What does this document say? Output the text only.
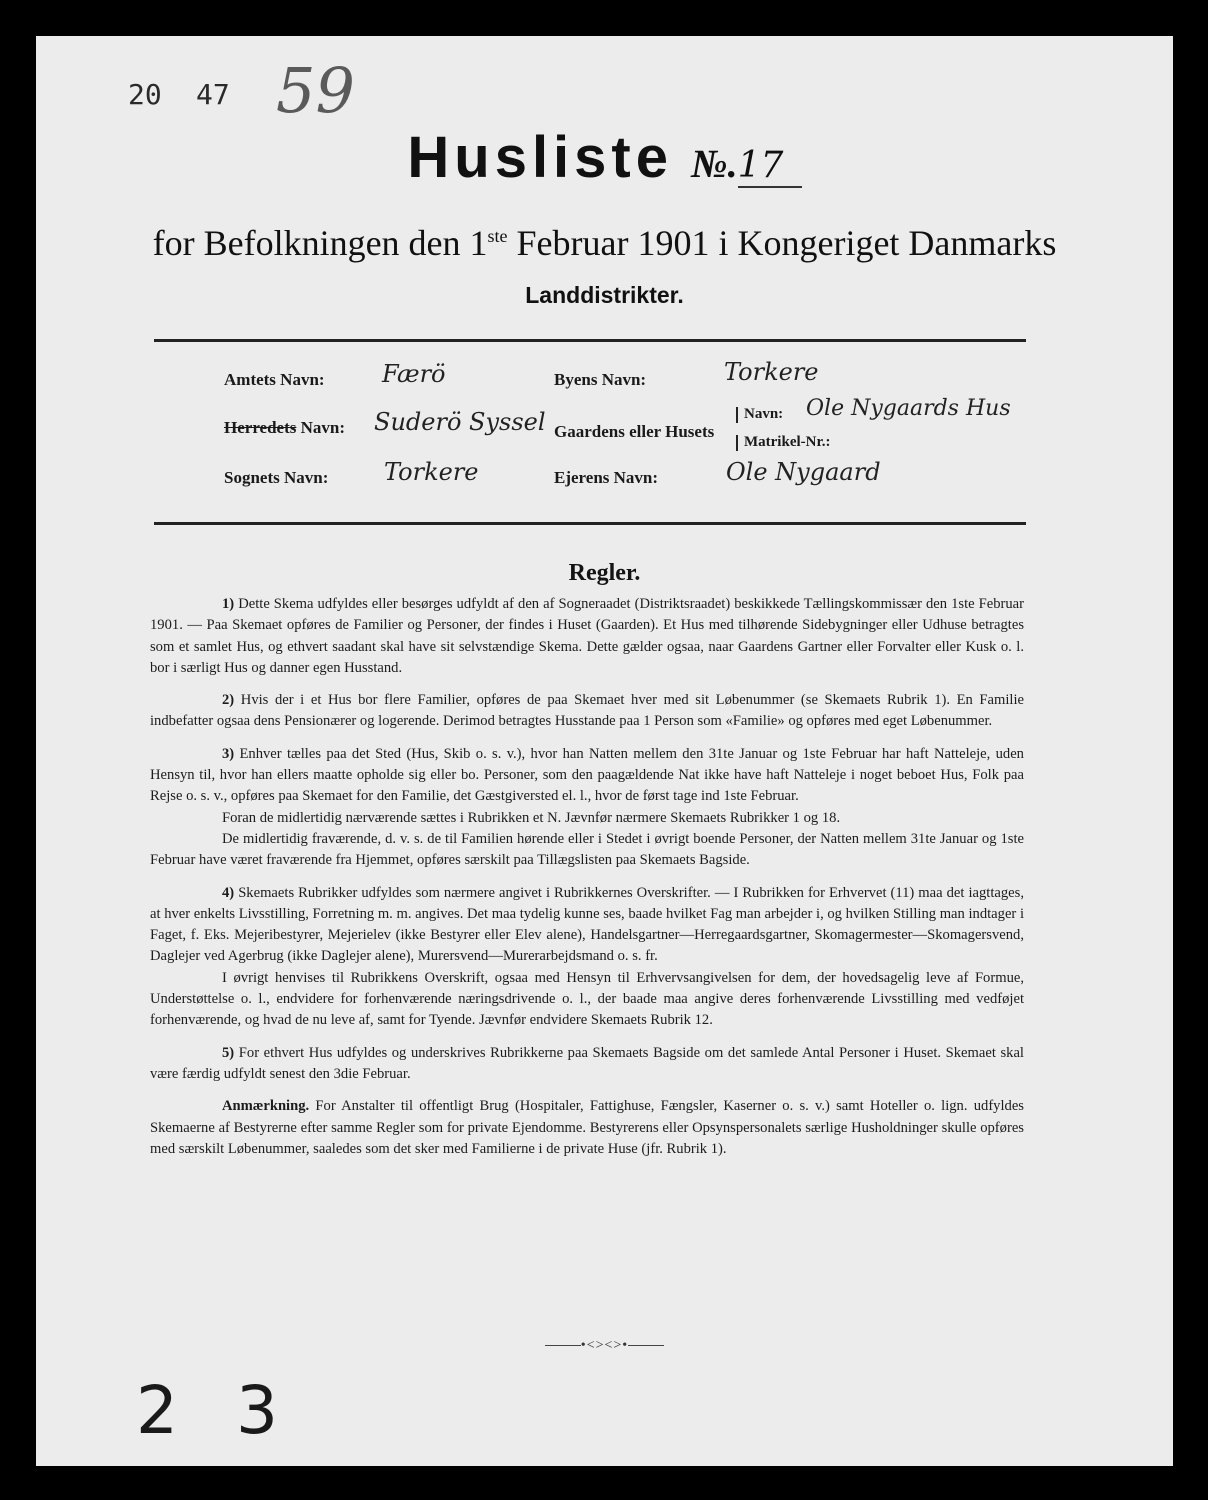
20 47 59
Husliste №.17
for Befolkningen den 1ste Februar 1901 i Kongeriget Danmarks
Landdistrikter.
Amtets Navn: Færö	Byens Navn:	Torkere
Herredets Navn: Suderö Syssel Gaardens eller Husets
Navn: Ole Nygaards Hus
Matrikel-Nr.:
Sognets Navn: Torkere	Ejerens Navn:	Ole Nygaard
Regler.

1) Dette Skema udfyldes eller besørges udfyldt af den af Sogneraadet (Distriktsraadet) beskikkede Tællingskommissær den 1ste Februar 1901. — Paa Skemaet opføres de Familier og Personer, der findes i Huset (Gaarden). Et Hus med tilhørende Sidebygninger eller Udhuse betragtes som et samlet Hus, og ethvert saadant skal have sit selvstændige Skema. Dette gælder ogsaa, naar Gaardens Gartner eller Forvalter eller Kusk o. l. bor i særligt Hus og danner egen Husstand.

2) Hvis der i et Hus bor flere Familier, opføres de paa Skemaet hver med sit Løbenummer (se Skemaets Rubrik 1). En Familie indbefatter ogsaa dens Pensionærer og logerende. Derimod betragtes Husstande paa 1 Person som «Familie» og opføres med eget Løbenummer.

3) Enhver tælles paa det Sted (Hus, Skib o. s. v.), hvor han Natten mellem den 31te Januar og 1ste Februar har haft Natteleje, uden Hensyn til, hvor han ellers maatte opholde sig eller bo. Personer, som den paagældende Nat ikke have haft Natteleje i noget beboet Hus, Folk paa Rejse o. s. v., opføres paa Skemaet for den Familie, det Gæstgiversted el. l., hvor de først tage ind 1ste Februar.

Foran de midlertidig nærværende sættes i Rubrikken et N. Jævnfør nærmere Skemaets Rubrikker 1 og 18.

De midlertidig fraværende, d. v. s. de til Familien hørende eller i Stedet i øvrigt boende Personer, der Natten mellem 31te Januar og 1ste Februar have været fraværende fra Hjemmet, opføres særskilt paa Tillægslisten paa Skemaets Bagside.

4) Skemaets Rubrikker udfyldes som nærmere angivet i Rubrikkernes Overskrifter. — I Rubrikken for Erhvervet (11) maa det iagttages, at hver enkelts Livsstilling, Forretning m. m. angives. Det maa tydelig kunne ses, baade hvilket Fag man arbejder i, og hvilken Stilling man indtager i Faget, f. Eks. Mejeribestyrer, Mejerielev (ikke Bestyrer eller Elev alene), Handelsgartner—Herregaardsgartner, Skomagermester—Skomagersvend, Daglejer ved Agerbrug (ikke Daglejer alene), Murersvend—Murerarbejdsmand o. s. fr.

I øvrigt henvises til Rubrikkens Overskrift, ogsaa med Hensyn til Erhvervsangivelsen for dem, der hovedsagelig leve af Formue, Understøttelse o. l., endvidere for forhenværende næringsdrivende o. l., der baade maa angive deres forhenværende Livsstilling med vedføjet forhenværende, og hvad de nu leve af, samt for Tyende. Jævnfør endvidere Skemaets Rubrik 12.

5) For ethvert Hus udfyldes og underskrives Rubrikkerne paa Skemaets Bagside om det samlede Antal Personer i Huset. Skemaet skal være færdig udfyldt senest den 3die Februar.

Anmærkning. For Anstalter til offentligt Brug (Hospitaler, Fattighuse, Fængsler, Kaserner o. s. v.) samt Hoteller o. lign. udfyldes Skemaerne af Bestyrerne efter samme Regler som for private Ejendomme. Bestyrerens eller Opsynspersonalets særlige Husholdninger skulle opføres med særskilt Løbenummer, saaledes som det sker med Familierne i de private Huse (jfr. Rubrik 1).

•<><>•
2 3
